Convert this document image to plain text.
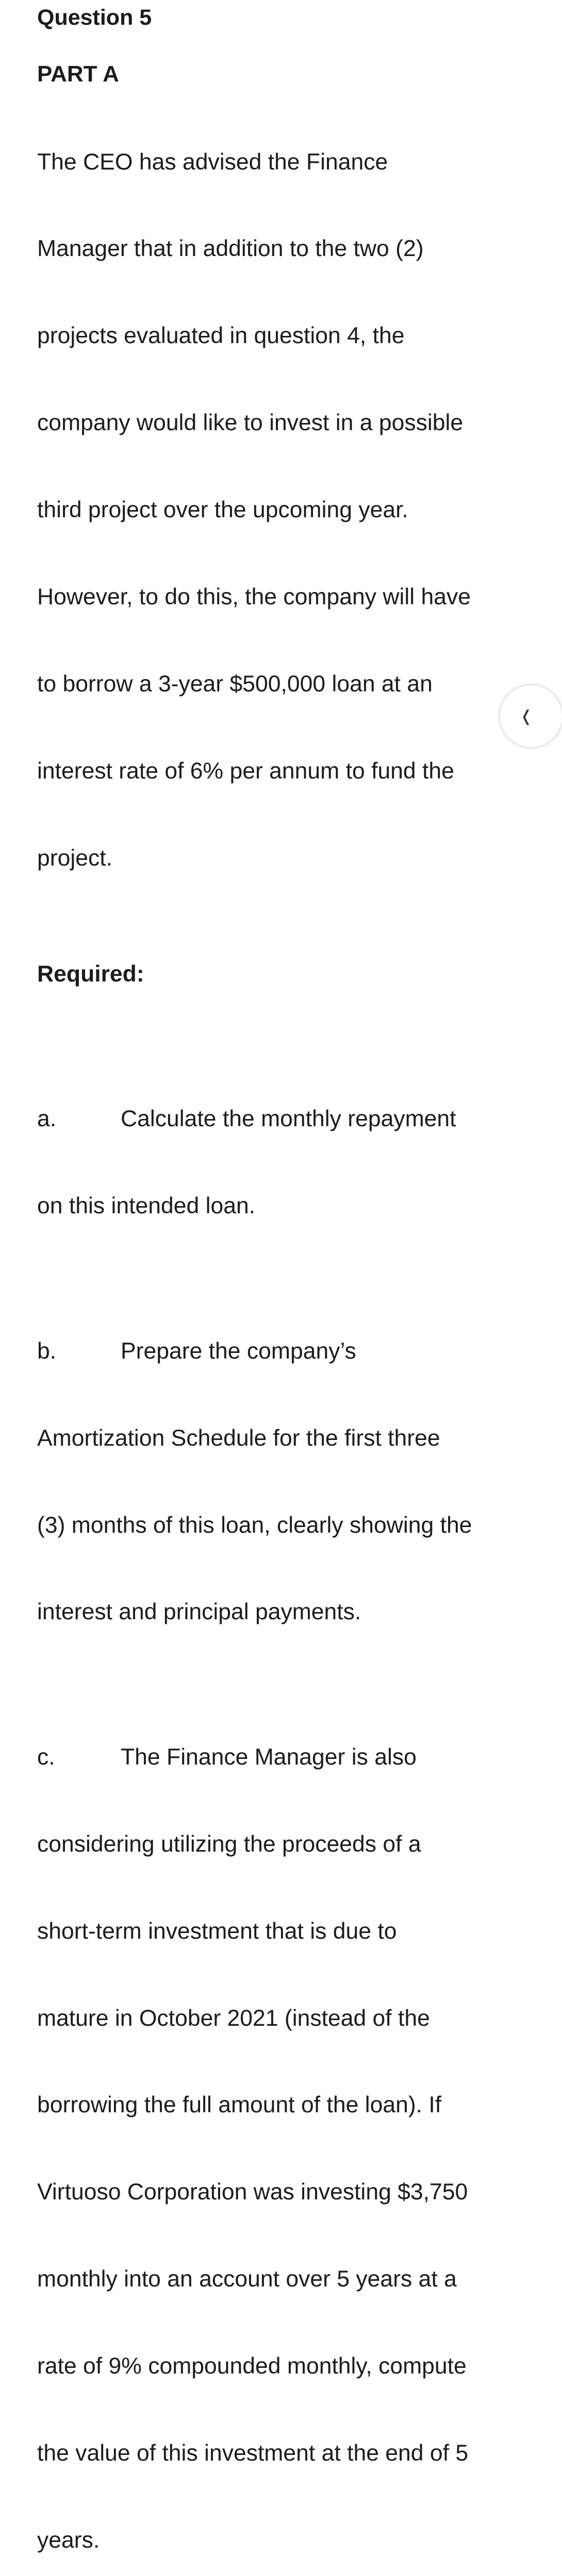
Question 5
PART A

The CEO has advised the Finance

Manager that in addition to the two (2)

projects evaluated in question 4, the

company would like to invest in a possible

third project over the upcoming year.

However, to do this, the company will have

to borrow a 3-year $500,000 loan at an

interest rate of 6% per annum to fund the

project.

Required:

a.	Calculate the monthly repayment

on this intended loan.

b.	Prepare the company’s

Amortization Schedule for the first three

(3) months of this loan, clearly showing the

interest and principal payments.

c.	The Finance Manager is also

considering utilizing the proceeds of a

short-term investment that is due to

mature in October 2021 (instead of the

borrowing the full amount of the loan). If

Virtuoso Corporation was investing $3,750

monthly into an account over 5 years at a

rate of 9% compounded monthly, compute

the value of this investment at the end of 5

years.

❬
